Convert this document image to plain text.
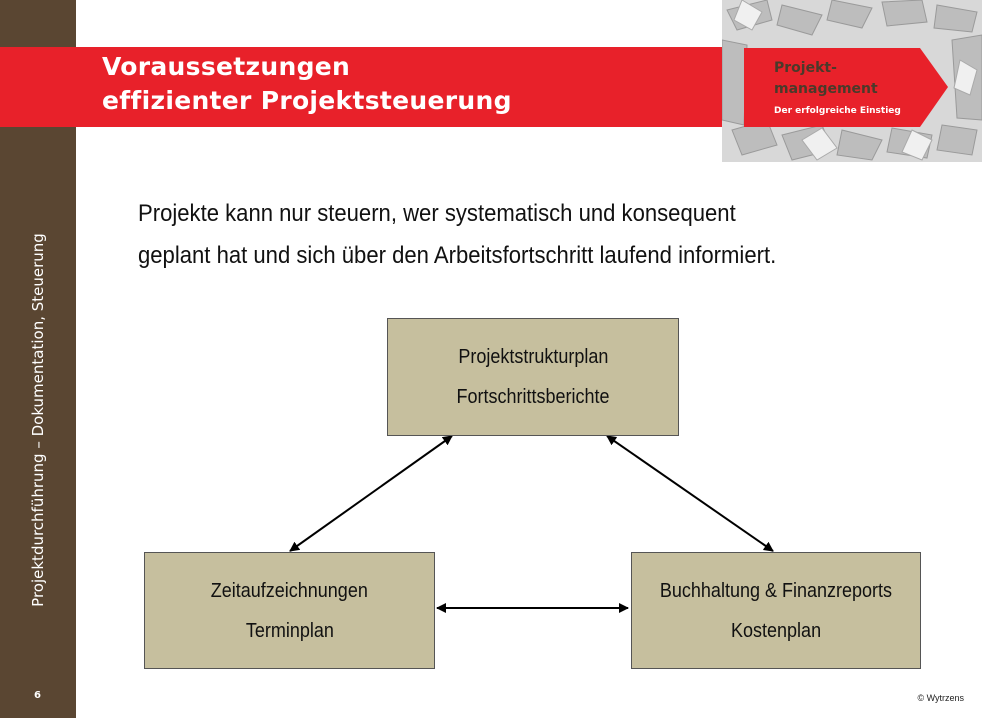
Projektdurchführung – Dokumentation, Steuerung
6
Voraussetzungen
effizienter Projektsteuerung
Projekt-
management
Der erfolgreiche Einstieg
Projekte kann nur steuern, wer systematisch und konsequent
geplant hat und sich über den Arbeitsfortschritt laufend informiert.
Projektstrukturplan
Fortschrittsberichte
Zeitaufzeichnungen
Terminplan
Buchhaltung & Finanzreports
Kostenplan
© Wytrzens
